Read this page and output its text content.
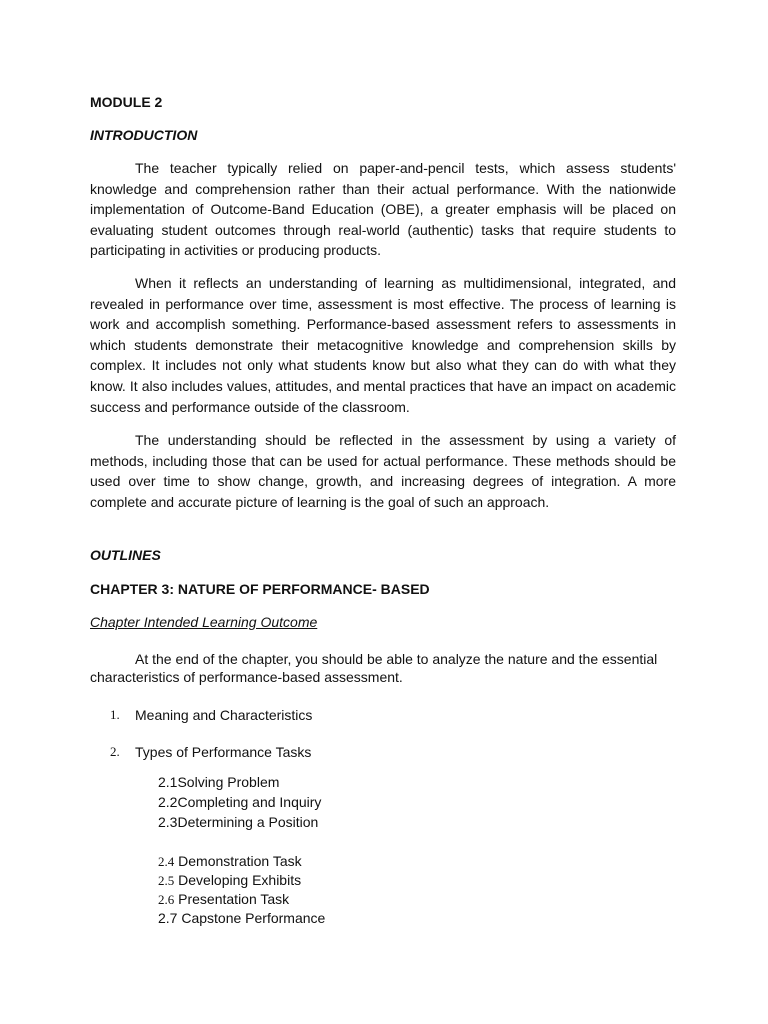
MODULE 2
INTRODUCTION

The teacher typically relied on paper-and-pencil tests, which assess students' knowledge and comprehension rather than their actual performance. With the nationwide implementation of Outcome-Band Education (OBE), a greater emphasis will be placed on evaluating student outcomes through real-world (authentic) tasks that require students to participating in activities or producing products.

When it reflects an understanding of learning as multidimensional, integrated, and revealed in performance over time, assessment is most effective. The process of learning is work and accomplish something. Performance-based assessment refers to assessments in which students demonstrate their metacognitive knowledge and comprehension skills by complex. It includes not only what students know but also what they can do with what they know. It also includes values, attitudes, and mental practices that have an impact on academic success and performance outside of the classroom.

The understanding should be reflected in the assessment by using a variety of methods, including those that can be used for actual performance. These methods should be used over time to show change, growth, and increasing degrees of integration. A more complete and accurate picture of learning is the goal of such an approach.

OUTLINES
CHAPTER 3: NATURE OF PERFORMANCE- BASED
Chapter Intended Learning Outcome

At the end of the chapter, you should be able to analyze the nature and the essential characteristics of performance-based assessment.

1. Meaning and Characteristics
2. Types of Performance Tasks
2.1Solving Problem
2.2Completing and Inquiry
2.3Determining a Position
2.4 Demonstration Task
2.5 Developing Exhibits
2.6 Presentation Task
2.7 Capstone Performance
